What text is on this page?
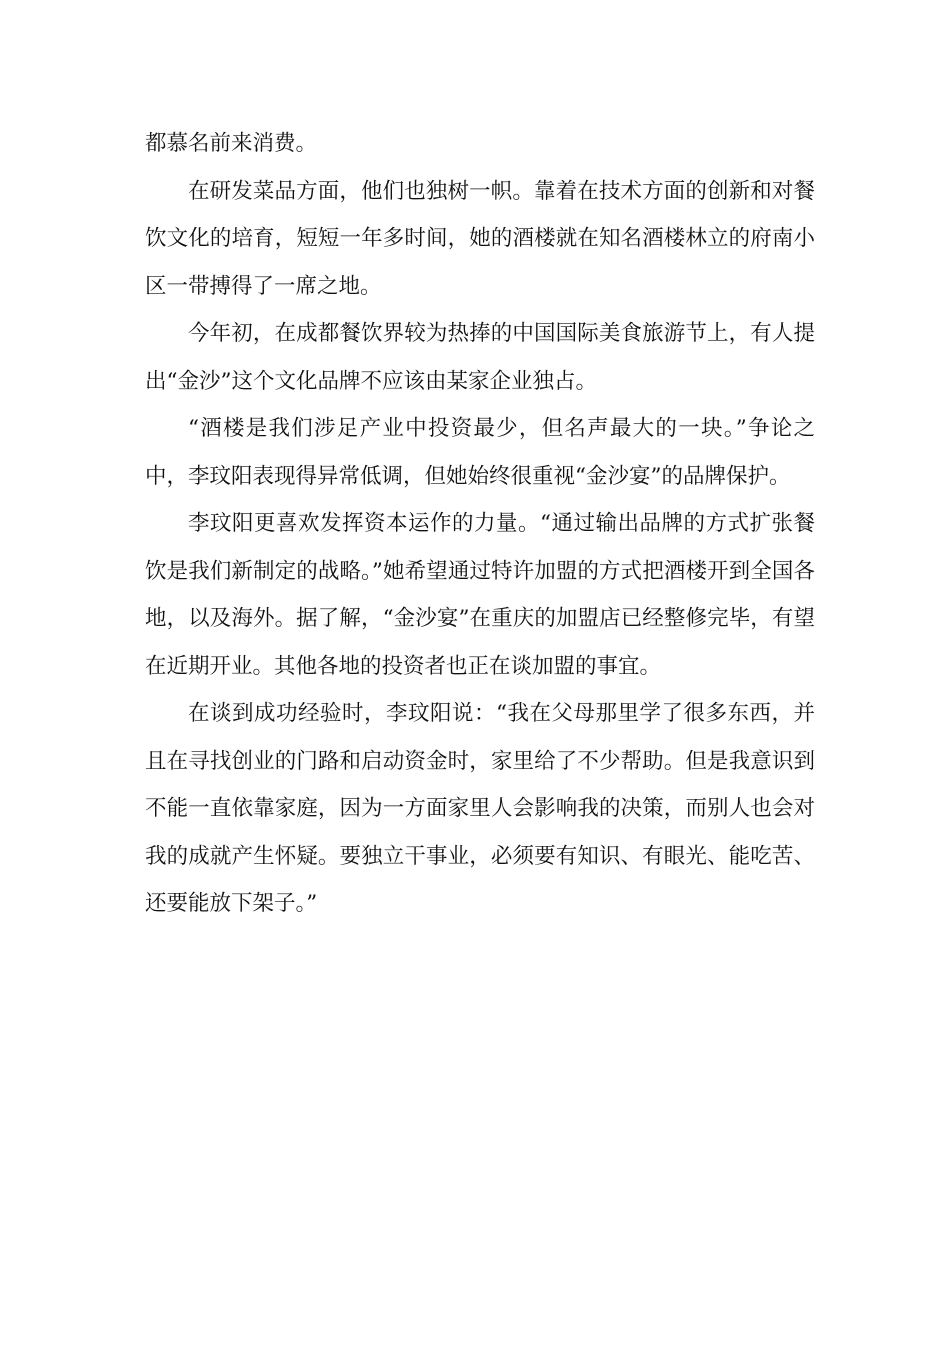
都慕名前来消费。

在研发菜品方面，他们也独树一帜。靠着在技术方面的创新和对餐饮文化的培育，短短一年多时间，她的酒楼就在知名酒楼林立的府南小区一带搏得了一席之地。

今年初，在成都餐饮界较为热捧的中国国际美食旅游节上，有人提出“金沙”这个文化品牌不应该由某家企业独占。

“酒楼是我们涉足产业中投资最少，但名声最大的一块。”争论之中，李玟阳表现得异常低调，但她始终很重视“金沙宴”的品牌保护。

李玟阳更喜欢发挥资本运作的力量。“通过输出品牌的方式扩张餐饮是我们新制定的战略。”她希望通过特许加盟的方式把酒楼开到全国各地，以及海外。据了解，“金沙宴”在重庆的加盟店已经整修完毕，有望在近期开业。其他各地的投资者也正在谈加盟的事宜。

在谈到成功经验时，李玟阳说：“我在父母那里学了很多东西，并且在寻找创业的门路和启动资金时，家里给了不少帮助。但是我意识到不能一直依靠家庭，因为一方面家里人会影响我的决策，而别人也会对我的成就产生怀疑。要独立干事业，必须要有知识、有眼光、能吃苦、还要能放下架子。”
